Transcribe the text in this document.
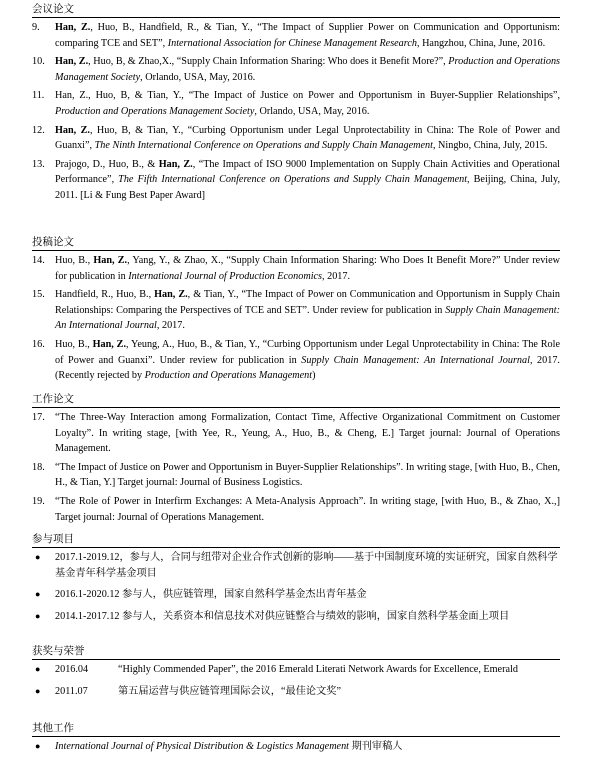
会议论文
9. Han, Z., Huo, B., Handfield, R., & Tian, Y., “The Impact of Supplier Power on Communication and Opportunism: comparing TCE and SET”, International Association for Chinese Management Research, Hangzhou, China, June, 2016.
10. Han, Z., Huo, B, & Zhao,X., “Supply Chain Information Sharing: Who does it Benefit More?”, Production and Operations Management Society, Orlando, USA, May, 2016.
11. Han, Z., Huo, B, & Tian, Y., “The Impact of Justice on Power and Opportunism in Buyer-Supplier Relationships”, Production and Operations Management Society, Orlando, USA, May, 2016.
12. Han, Z., Huo, B, & Tian, Y., “Curbing Opportunism under Legal Unprotectability in China: The Role of Power and Guanxi”, The Ninth International Conference on Operations and Supply Chain Management, Ningbo, China, July, 2015.
13. Prajogo, D., Huo, B., & Han, Z., “The Impact of ISO 9000 Implementation on Supply Chain Activities and Operational Performance”, The Fifth International Conference on Operations and Supply Chain Management, Beijing, China, July, 2011. [Li & Fung Best Paper Award]
投稿论文
14. Huo, B., Han, Z., Yang, Y., & Zhao, X., “Supply Chain Information Sharing: Who Does It Benefit More?” Under review for publication in International Journal of Production Economics, 2017.
15. Handfield, R., Huo, B., Han, Z., & Tian, Y., “The Impact of Power on Communication and Opportunism in Supply Chain Relationships: Comparing the Perspectives of TCE and SET”. Under review for publication in Supply Chain Management: An International Journal, 2017.
16. Huo, B., Han, Z., Yeung, A., Huo, B., & Tian, Y., “Curbing Opportunism under Legal Unprotectability in China: The Role of Power and Guanxi”. Under review for publication in Supply Chain Management: An International Journal, 2017. (Recently rejected by Production and Operations Management)
工作论文
17. “The Three-Way Interaction among Formalization, Contact Time, Affective Organizational Commitment on Customer Loyalty”. In writing stage, [with Yee, R., Yeung, A., Huo, B., & Cheng, E.] Target journal: Journal of Operations Management.
18. “The Impact of Justice on Power and Opportunism in Buyer-Supplier Relationships”. In writing stage, [with Huo, B., Chen, H., & Tian, Y.] Target journal: Journal of Business Logistics.
19. “The Role of Power in Interfirm Exchanges: A Meta-Analysis Approach”. In writing stage, [with Huo, B., & Zhao, X.,] Target journal: Journal of Operations Management.
参与项目
● 2017.1-2019.12，参与人，合同与纽带对企业合作式创新的影响——基于中国制度环境的实证研究，国家自然科学基金青年科学基金项目
● 2016.1-2020.12 参与人，供应链管理，国家自然科学基金杰出青年基金
● 2014.1-2017.12 参与人，关系资本和信息技术对供应链整合与绩效的影响，国家自然科学基金面上项目
获奖与荣誉
● 2016.04	“Highly Commended Paper”, the 2016 Emerald Literati Network Awards for Excellence, Emerald
● 2011.07	第五届运营与供应链管理国际会议，“最佳论文奖”
其他工作
● International Journal of Physical Distribution & Logistics Management 期刊审稿人
